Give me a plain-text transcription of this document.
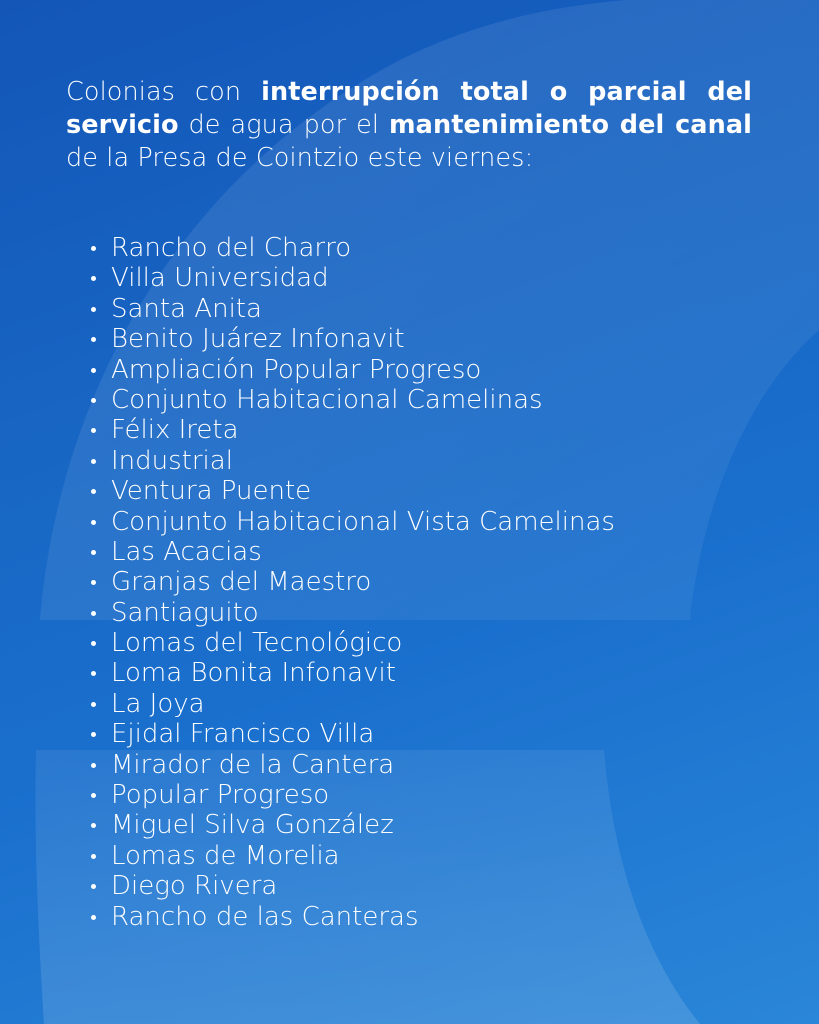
Colonias con interrupción total o parcial del servicio de agua por el mantenimiento del canal de la Presa de Cointzio este viernes:

Rancho del Charro
Villa Universidad
Santa Anita
Benito Juárez Infonavit
Ampliación Popular Progreso
Conjunto Habitacional Camelinas
Félix Ireta
Industrial
Ventura Puente
Conjunto Habitacional Vista Camelinas
Las Acacias
Granjas del Maestro
Santiaguito
Lomas del Tecnológico
Loma Bonita Infonavit
La Joya
Ejidal Francisco Villa
Mirador de la Cantera
Popular Progreso
Miguel Silva González
Lomas de Morelia
Diego Rivera
Rancho de las Canteras
